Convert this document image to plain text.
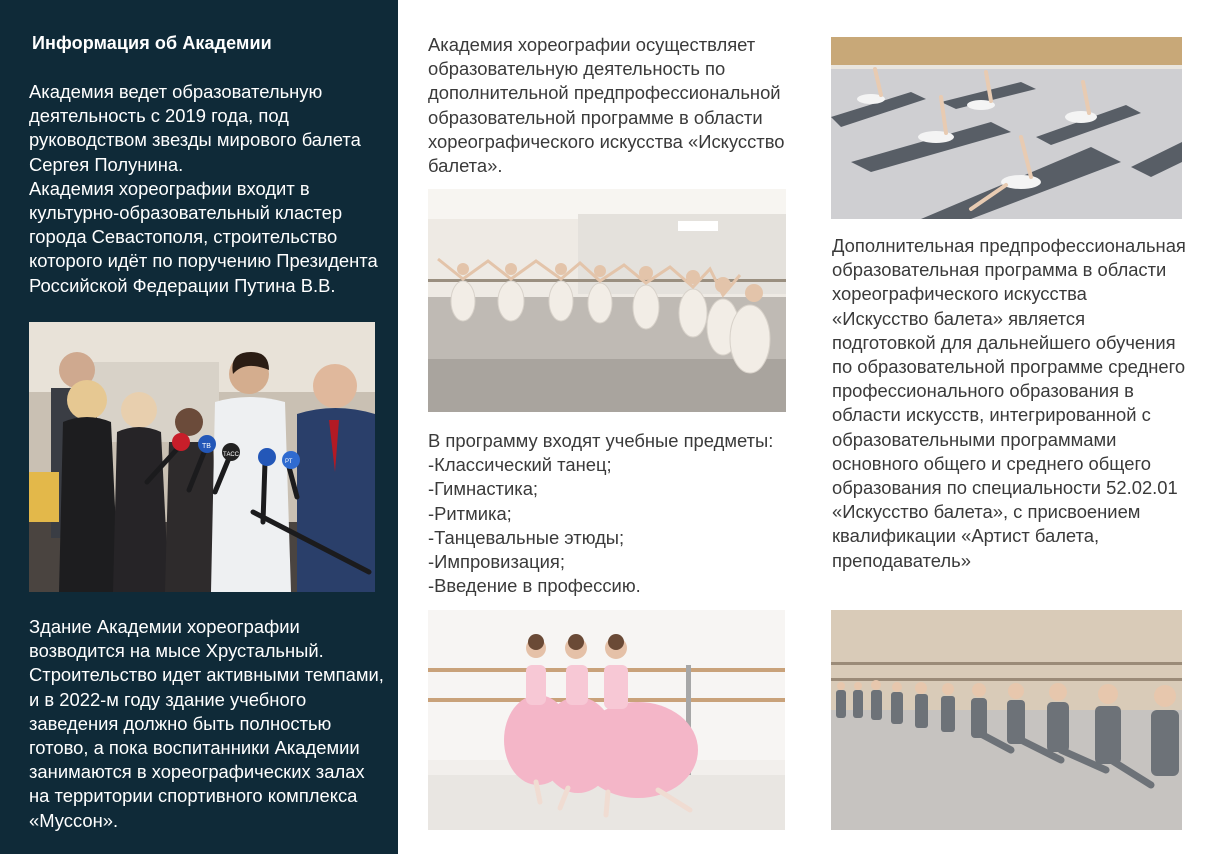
Информация об Академии

Академия ведет образовательную деятельность с 2019 года, под руководством звезды мирового балета Сергея Полунина.

Академия хореографии входит в культурно-образовательный кластер города Севастополя, строительство которого идёт по поручению Президента Российской Федерации Путина В.В.

ТВ
ТАСС
РТ

Здание Академии хореографии возводится на мысе Хрустальный. Строительство идет активными темпами, и в 2022-м году здание учебного заведения должно быть полностью готово, а пока воспитанники Академии занимаются в хореографических залах на территории спортивного комплекса «Муссон».

Академия хореографии осуществляет образовательную деятельность по дополнительной предпрофессиональной образовательной программе в области хореографического искусства «Искусство балета».

В программу входят учебные предметы:

-Классический танец;
-Гимнастика;
-Ритмика;
-Танцевальные этюды;
-Импровизация;
-Введение в профессию.

Дополнительная предпрофессиональная образовательная программа в области хореографического искусства «Искусство балета» является подготовкой для дальнейшего обучения по образовательной программе среднего профессионального образования в области искусств, интегрированной с образовательными программами основного общего и среднего общего образования по специальности 52.02.01 «Искусство балета», с присвоением квалификации «Артист балета, преподаватель»
